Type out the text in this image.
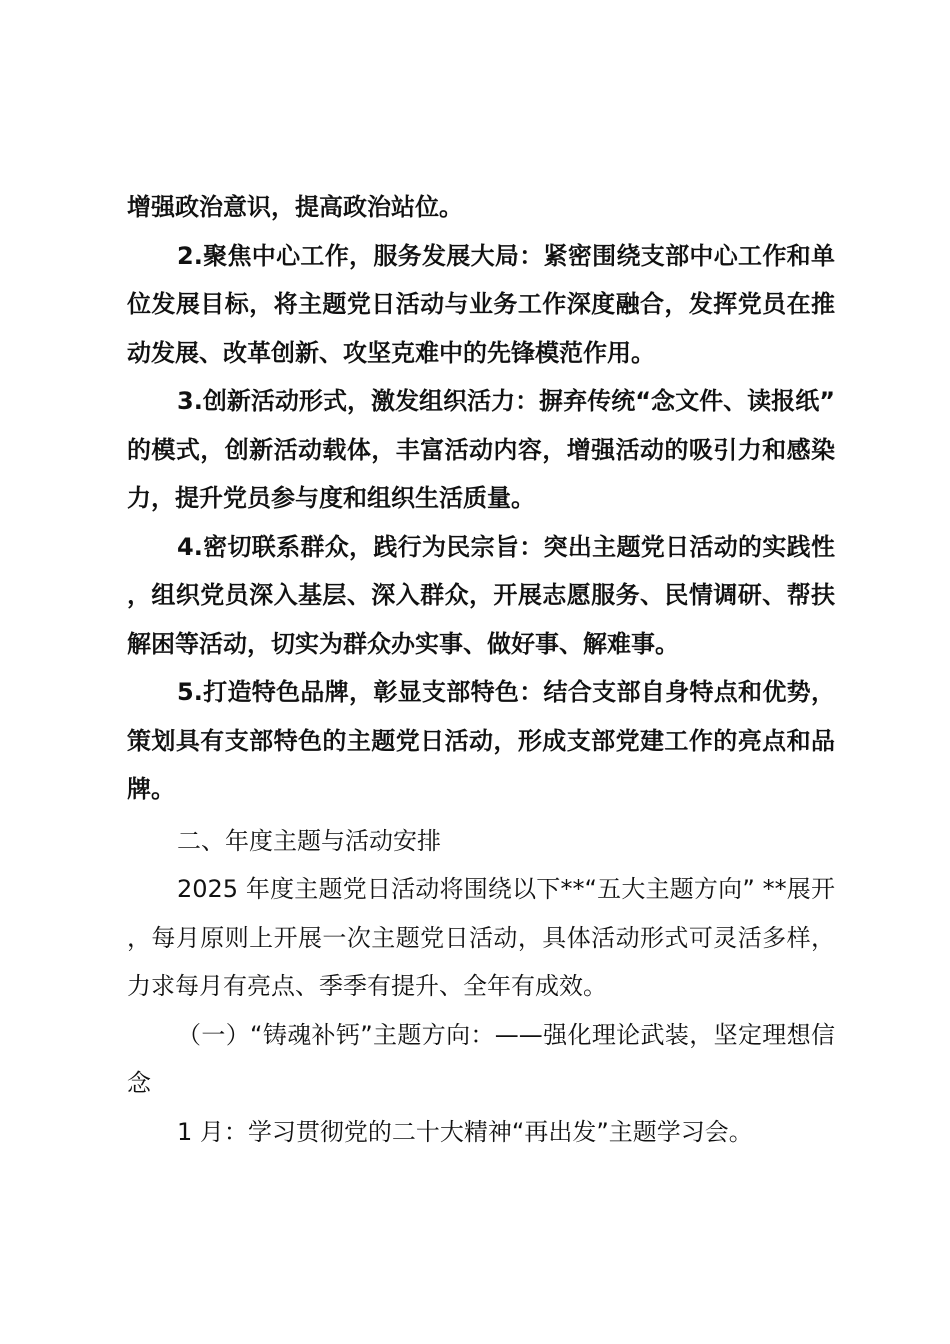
增强政治意识，提高政治站位。

2.聚焦中心工作，服务发展大局：紧密围绕支部中心工作和单位发展目标，将主题党日活动与业务工作深度融合，发挥党员在推动发展、改革创新、攻坚克难中的先锋模范作用。

3.创新活动形式，激发组织活力：摒弃传统“念文件、读报纸”的模式，创新活动载体，丰富活动内容，增强活动的吸引力和感染力，提升党员参与度和组织生活质量。

4.密切联系群众，践行为民宗旨：突出主题党日活动的实践性，组织党员深入基层、深入群众，开展志愿服务、民情调研、帮扶解困等活动，切实为群众办实事、做好事、解难事。

5.打造特色品牌，彰显支部特色：结合支部自身特点和优势，策划具有支部特色的主题党日活动，形成支部党建工作的亮点和品牌。

二、年度主题与活动安排

2025 年度主题党日活动将围绕以下**“五大主题方向” **展开，每月原则上开展一次主题党日活动，具体活动形式可灵活多样，力求每月有亮点、季季有提升、全年有成效。

（一）“铸魂补钙”主题方向：——强化理论武装，坚定理想信念

1 月：学习贯彻党的二十大精神“再出发”主题学习会。
